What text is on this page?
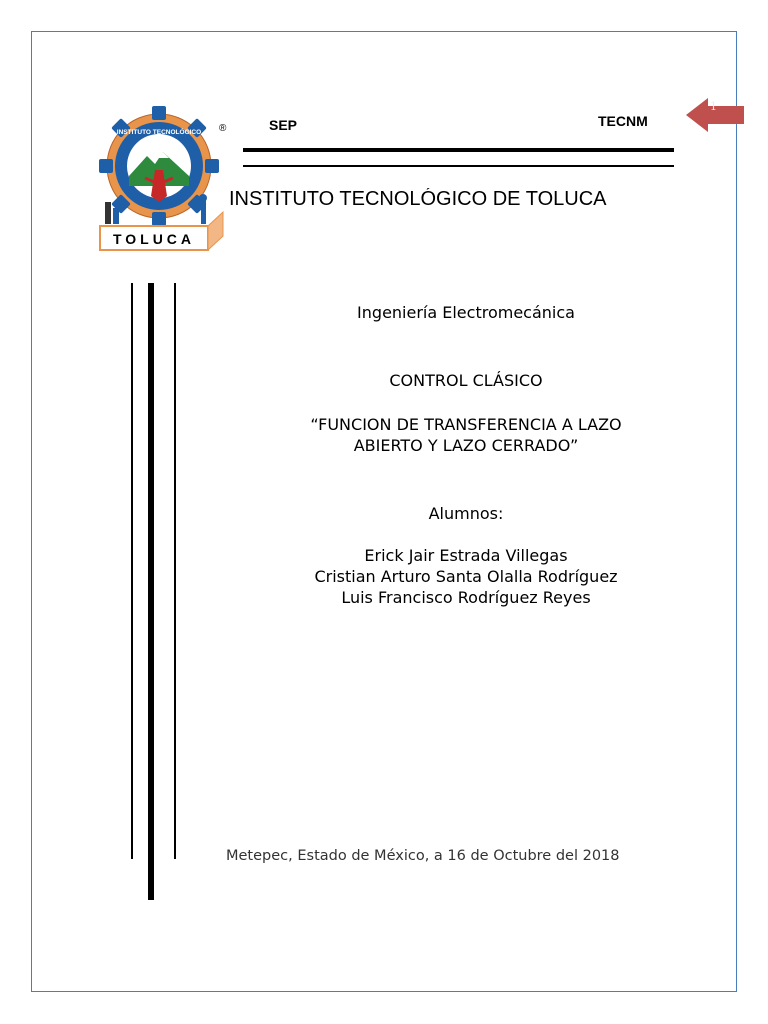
1
INSTITUTO TECNOLÓGICO
TOLUCA
®	SEP	TECNM
INSTITUTO TECNOLÓGICO DE TOLUCA
Ingeniería Electromecánica
CONTROL CLÁSICO
“FUNCION DE TRANSFERENCIA A LAZO
ABIERTO Y LAZO CERRADO”
Alumnos:
Erick Jair Estrada Villegas
Cristian Arturo Santa Olalla Rodríguez
Luis Francisco Rodríguez Reyes
Metepec, Estado de México, a 16 de Octubre del 2018
